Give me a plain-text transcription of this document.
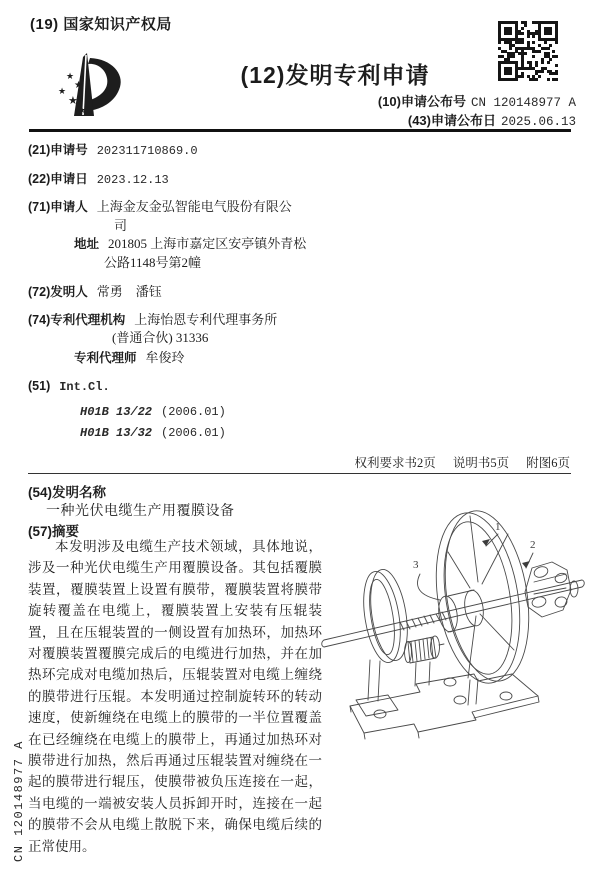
(19) 国家知识产权局
★
★
★
★
★
(12)发明专利申请
(10)申请公布号 CN 120148977 A
(43)申请公布日 2025.06.13
(21)申请号 202311710869.0
(22)申请日 2023.12.13
(71)申请人 上海金友金弘智能电气股份有限公
司
地址 201805 上海市嘉定区安亭镇外青松
公路1148号第2幢
(72)发明人 常勇　潘钰
(74)专利代理机构 上海怡恩专利代理事务所
(普通合伙) 31336
专利代理师 牟俊玲
(51) Int.Cl.
H01B 13/22 (2006.01)
H01B 13/32 (2006.01)
权利要求书2页 说明书5页 附图6页
(54)发明名称
一种光伏电缆生产用覆膜设备
(57)摘要

本发明涉及电缆生产技术领域，具体地说，涉及一种光伏电缆生产用覆膜设备。其包括覆膜装置，覆膜装置上设置有膜带，覆膜装置将膜带旋转覆盖在电缆上，覆膜装置上安装有压辊装置，且在压辊装置的一侧设置有加热环，加热环对覆膜装置覆膜完成后的电缆进行加热，并在加热环完成对电缆加热后，压辊装置对电缆上缠绕的膜带进行压辊。本发明通过控制旋转环的转动速度，使新缠绕在电缆上的膜带的一半位置覆盖在已经缠绕在电缆上的膜带上，再通过加热环对膜带进行加热，然后再通过压辊装置对缠绕在一起的膜带进行辊压，使膜带被负压连接在一起，当电缆的一端被安装人员拆卸开时，连接在一起的膜带不会从电缆上散脱下来，确保电缆后续的正常使用。

1
2
3
CN 120148977 A
